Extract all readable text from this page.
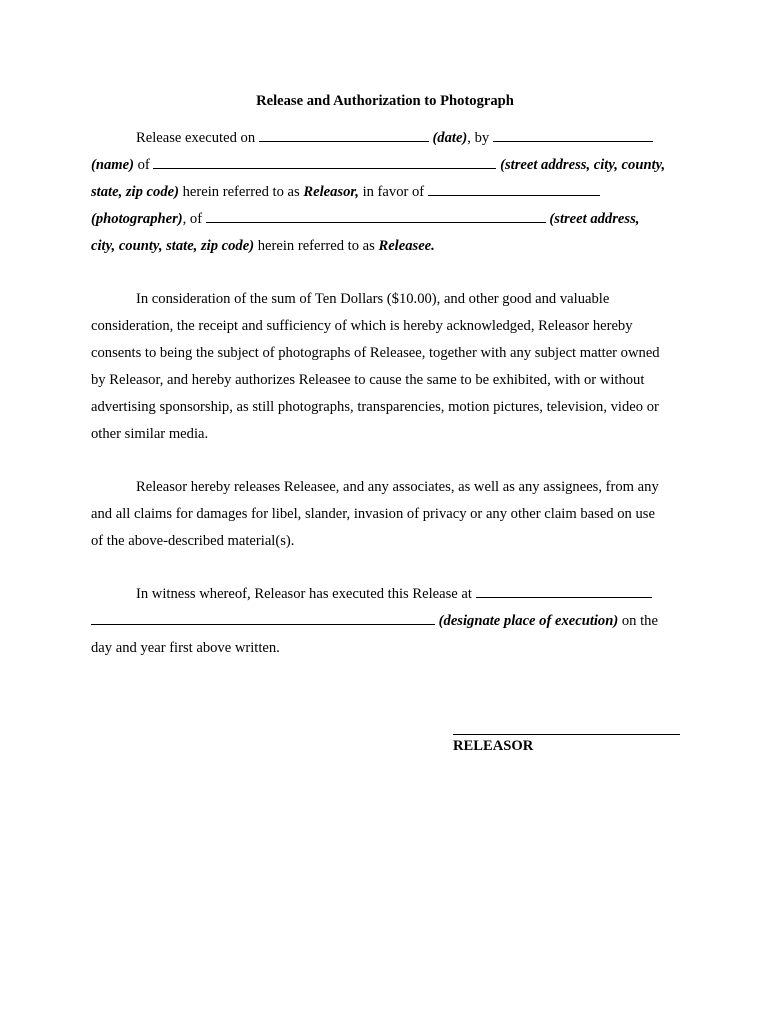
Release and Authorization to Photograph
Release executed on	(date), by
(name) of	(street address, city, county,
state, zip code) herein referred to as Releasor, in favor of
(photographer), of	(street address,
city, county, state, zip code) herein referred to as Releasee.
In consideration of the sum of Ten Dollars ($10.00), and other good and valuable
consideration, the receipt and sufficiency of which is hereby acknowledged, Releasor hereby
consents to being the subject of photographs of Releasee, together with any subject matter owned
by Releasor, and hereby authorizes Releasee to cause the same to be exhibited, with or without
advertising sponsorship, as still photographs, transparencies, motion pictures, television, video or
other similar media.
Releasor hereby releases Releasee, and any associates, as well as any assignees, from any
and all claims for damages for libel, slander, invasion of privacy or any other claim based on use
of the above-described material(s).
In witness whereof, Releasor has executed this Release at
(designate place of execution) on the
day and year first above written.
RELEASOR
